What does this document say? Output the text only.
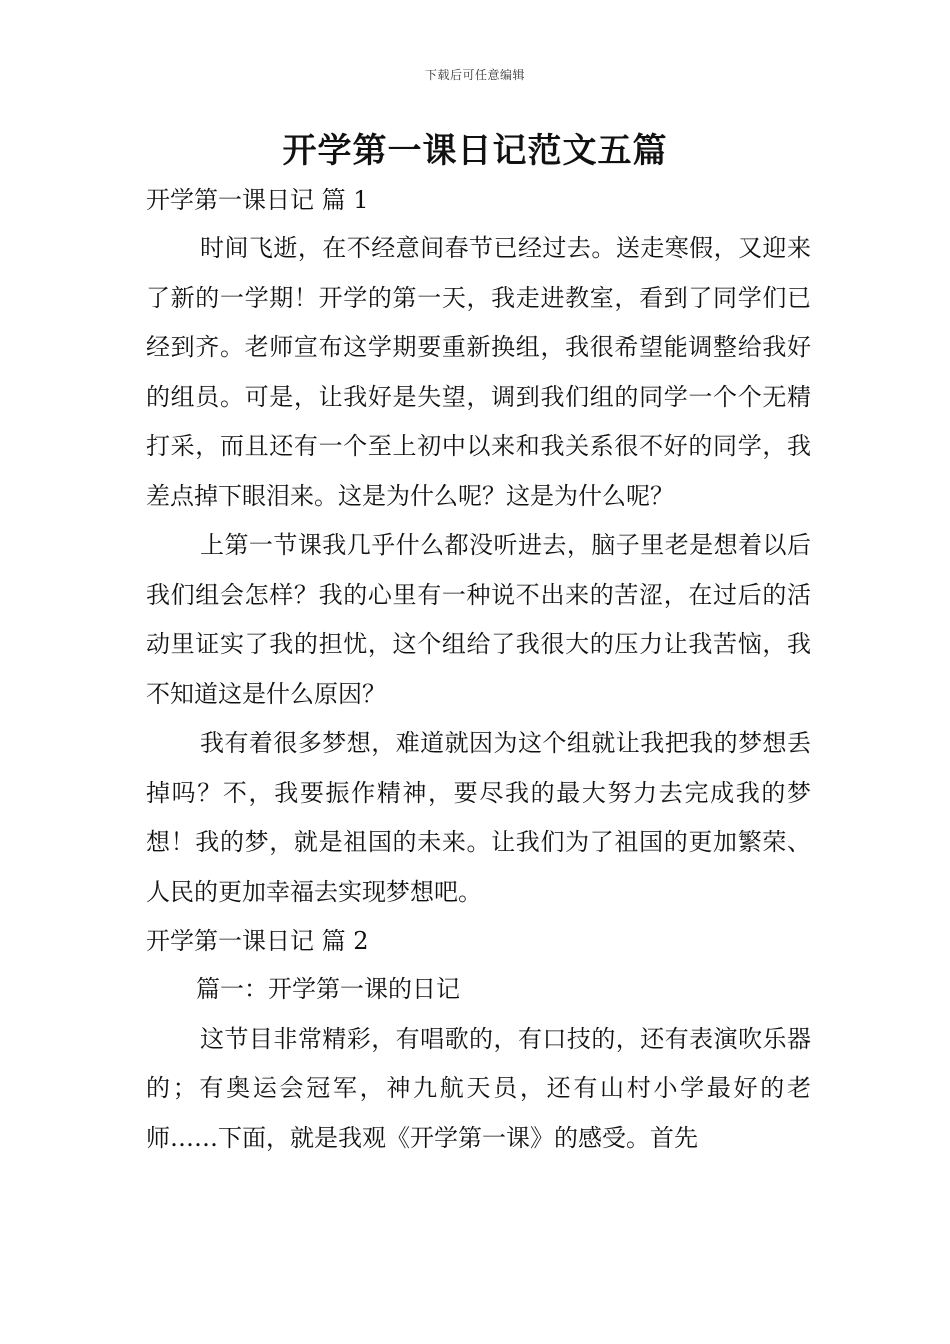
下载后可任意编辑
开学第一课日记范文五篇
开学第一课日记 篇 1

时间飞逝，在不经意间春节已经过去。送走寒假，又迎来了新的一学期！开学的第一天，我走进教室，看到了同学们已经到齐。老师宣布这学期要重新换组，我很希望能调整给我好的组员。可是，让我好是失望，调到我们组的同学一个个无精打采，而且还有一个至上初中以来和我关系很不好的同学，我差点掉下眼泪来。这是为什么呢？这是为什么呢？

上第一节课我几乎什么都没听进去，脑子里老是想着以后我们组会怎样？我的心里有一种说不出来的苦涩，在过后的活动里证实了我的担忧，这个组给了我很大的压力让我苦恼，我不知道这是什么原因？

我有着很多梦想，难道就因为这个组就让我把我的梦想丢掉吗？不，我要振作精神，要尽我的最大努力去完成我的梦想！我的梦，就是祖国的未来。让我们为了祖国的更加繁荣、人民的更加幸福去实现梦想吧。

开学第一课日记 篇 2

篇一：开学第一课的日记

这节目非常精彩，有唱歌的，有口技的，还有表演吹乐器的；有奥运会冠军，神九航天员，还有山村小学最好的老师……下面，就是我观《开学第一课》的感受。首先
